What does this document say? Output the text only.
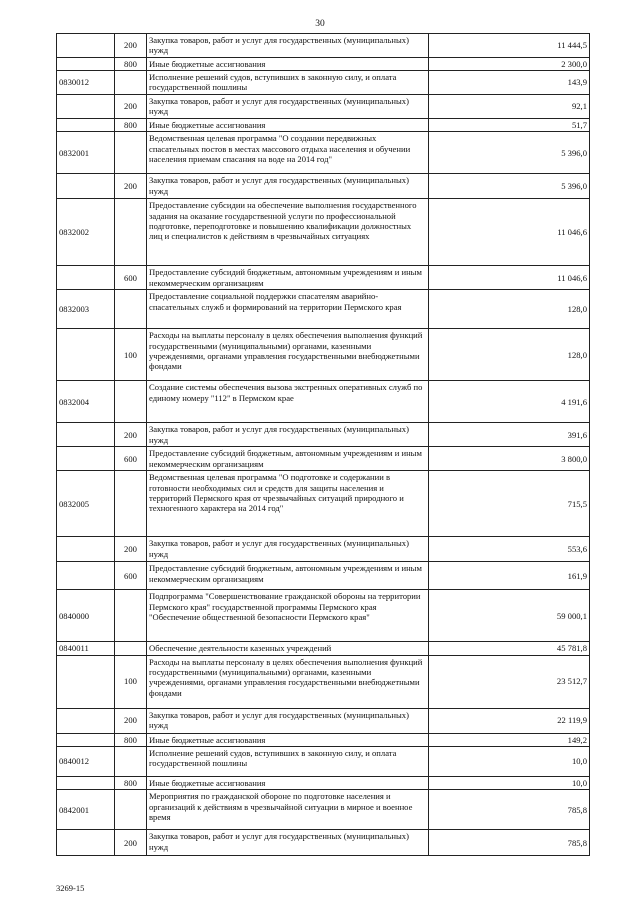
30
	200	Закупка товаров, работ и услуг для государственных (муниципальных) нужд	11 444,5
	800	Иные бюджетные ассигнования	2 300,0
0830012		Исполнение решений судов, вступивших в законную силу, и оплата государственной пошлины	143,9
	200	Закупка товаров, работ и услуг для государственных (муниципальных) нужд	92,1
	800	Иные бюджетные ассигнования	51,7
0832001		Ведомственная целевая программа "О создании передвижных спасательных постов в местах массового отдыха населения и обучении населения приемам спасания на воде на 2014 год"	5 396,0
	200	Закупка товаров, работ и услуг для государственных (муниципальных) нужд	5 396,0
0832002		Предоставление субсидии на обеспечение выполнения государственного задания на оказание государственной услуги по профессиональной подготовке, переподготовке и повышению квалификации должностных лиц и специалистов к действиям в чрезвычайных ситуациях	11 046,6
	600	Предоставление субсидий бюджетным, автономным учреждениям и иным некоммерческим организациям	11 046,6
0832003		Предоставление социальной поддержки спасателям аварийно-спасательных служб и формирований на территории Пермского края	128,0
	100	Расходы на выплаты персоналу в целях обеспечения выполнения функций государственными (муниципальными) органами, казенными учреждениями, органами управления государственными внебюджетными фондами	128,0
0832004		Создание системы обеспечения вызова экстренных оперативных служб по единому номеру "112" в Пермском крае	4 191,6
	200	Закупка товаров, работ и услуг для государственных (муниципальных) нужд	391,6
	600	Предоставление субсидий бюджетным, автономным учреждениям и иным некоммерческим организациям	3 800,0
0832005		Ведомственная целевая программа "О подготовке и содержании в готовности необходимых сил и средств для защиты населения и территорий Пермского края от чрезвычайных ситуаций природного и техногенного характера на 2014 год"	715,5
	200	Закупка товаров, работ и услуг для государственных (муниципальных) нужд	553,6
	600	Предоставление субсидий бюджетным, автономным учреждениям и иным некоммерческим организациям	161,9
0840000		Подпрограмма "Совершенствование гражданской обороны на территории Пермского края" государственной программы Пермского края "Обеспечение общественной безопасности Пермского края"	59 000,1
0840011		Обеспечение деятельности казенных учреждений	45 781,8
	100	Расходы на выплаты персоналу в целях обеспечения выполнения функций государственными (муниципальными) органами, казенными учреждениями, органами управления государственными внебюджетными фондами	23 512,7
	200	Закупка товаров, работ и услуг для государственных (муниципальных) нужд	22 119,9
	800	Иные бюджетные ассигнования	149,2
0840012		Исполнение решений судов, вступивших в законную силу, и оплата государственной пошлины	10,0
	800	Иные бюджетные ассигнования	10,0
0842001		Мероприятия по гражданской обороне по подготовке населения и организаций к действиям в чрезвычайной ситуации в мирное и военное время	785,8
	200	Закупка товаров, работ и услуг для государственных (муниципальных) нужд	785,8
3269-15
